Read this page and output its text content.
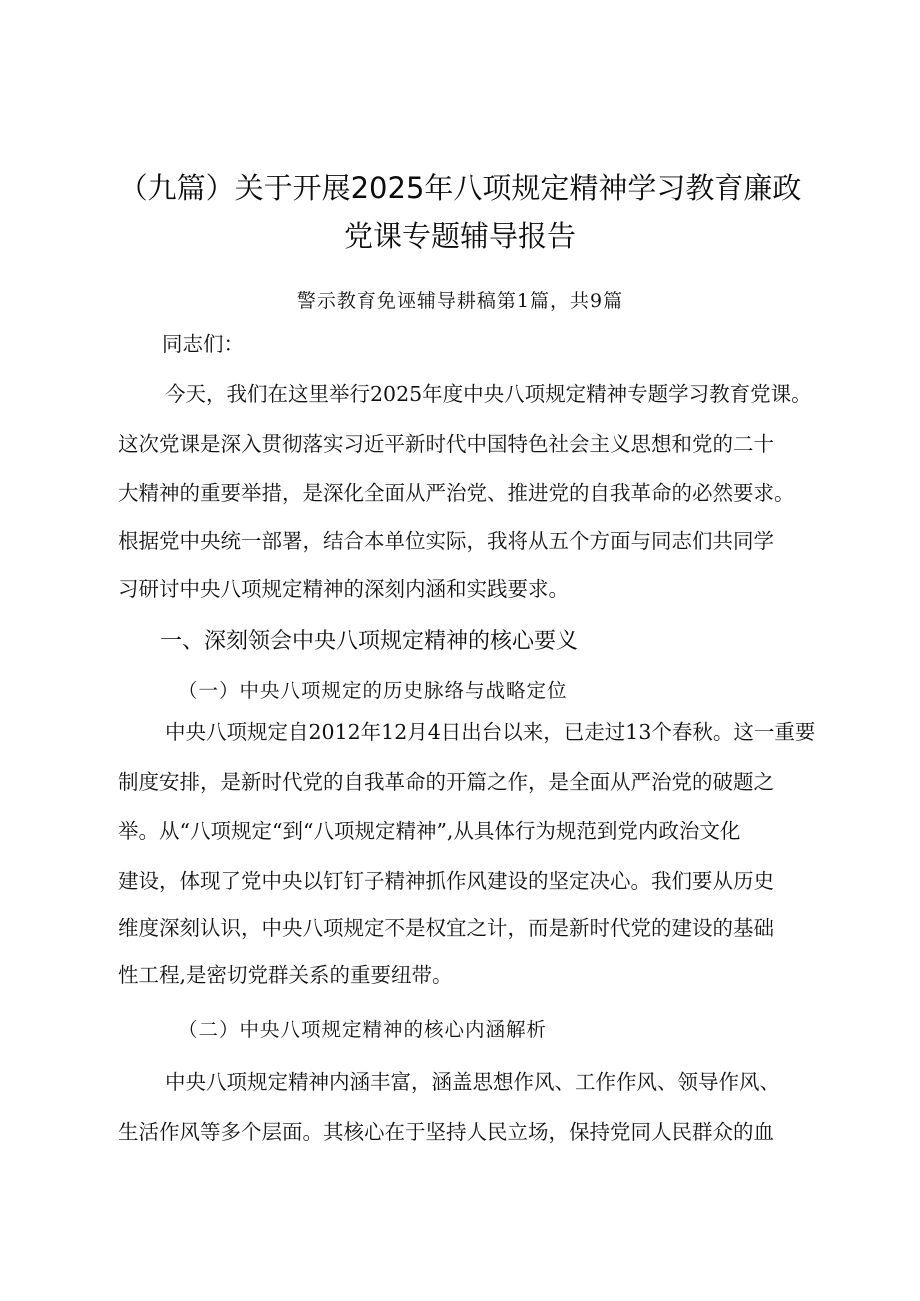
（九篇）关于开展2025年八项规定精神学习教育廉政
党课专题辅导报告
警示教育免诬辅导耕稿第1篇，共9篇
同志们：
今天，我们在这里举行2025年度中央八项规定精神专题学习教育党课。
这次党课是深入贯彻落实习近平新时代中国特色社会主义思想和党的二十
大精神的重要举措，是深化全面从严治党、推进党的自我革命的必然要求。
根据党中央统一部署，结合本单位实际，我将从五个方面与同志们共同学
习研讨中央八项规定精神的深刻内涵和实践要求。
一、深刻领会中央八项规定精神的核心要义
（一）中央八项规定的历史脉络与战略定位
中央八项规定自2012年12月4日出台以来，已走过13个春秋。这一重要
制度安排，是新时代党的自我革命的开篇之作，是全面从严治党的破题之
举。从“八项规定“到“八项规定精神”,从具体行为规范到党内政治文化
建设，体现了党中央以钉钉子精神抓作风建设的坚定决心。我们要从历史
维度深刻认识，中央八项规定不是权宜之计，而是新时代党的建设的基础
性工程,是密切党群关系的重要纽带。
（二）中央八项规定精神的核心内涵解析
中央八项规定精神内涵丰富，涵盖思想作风、工作作风、领导作风、
生活作风等多个层面。其核心在于坚持人民立场，保持党同人民群众的血
